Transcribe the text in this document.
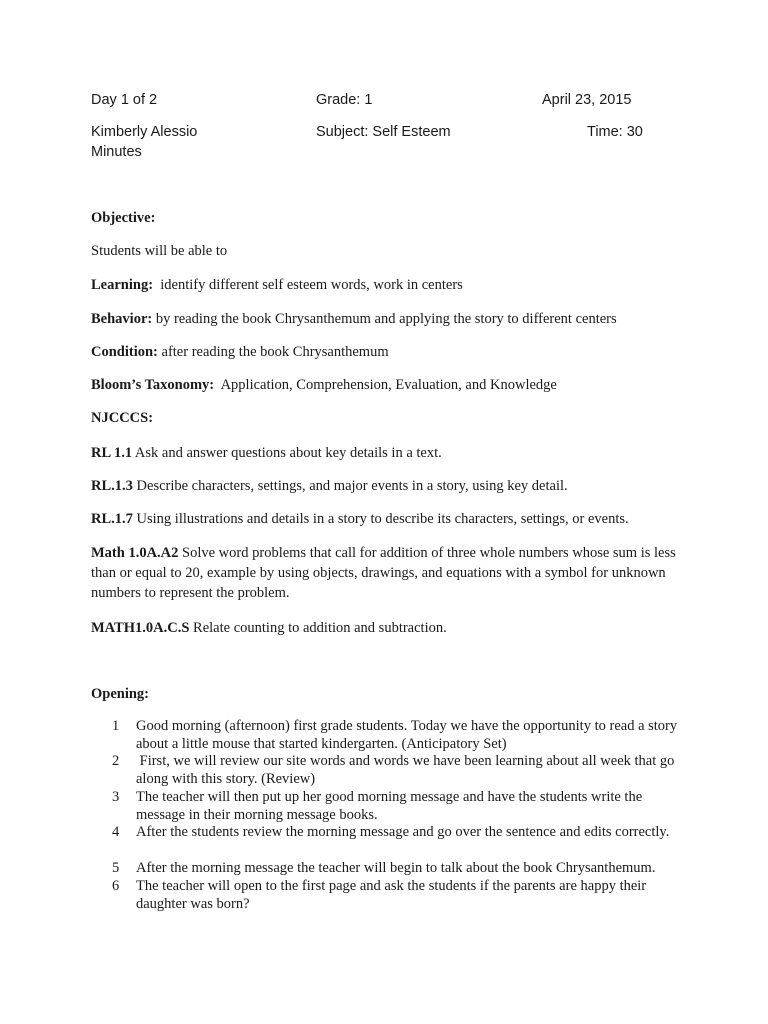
Day 1 of 2	Grade: 1	April 23, 2015
Kimberly Alessio	Subject: Self Esteem	Time: 30
Minutes
Objective:
Students will be able to
Learning:  identify different self esteem words, work in centers
Behavior: by reading the book Chrysanthemum and applying the story to different centers
Condition: after reading the book Chrysanthemum
Bloom’s Taxonomy:  Application, Comprehension, Evaluation, and Knowledge
NJCCCS:
RL 1.1 Ask and answer questions about key details in a text.
RL.1.3 Describe characters, settings, and major events in a story, using key detail.
RL.1.7 Using illustrations and details in a story to describe its characters, settings, or events.
Math 1.0A.A2 Solve word problems that call for addition of three whole numbers whose sum is less than or equal to 20, example by using objects, drawings, and equations with a symbol for unknown numbers to represent the problem.
MATH1.0A.C.S Relate counting to addition and subtraction.
Opening:
1	Good morning (afternoon) first grade students. Today we have the opportunity to read a story about a little mouse that started kindergarten. (Anticipatory Set)
2	First, we will review our site words and words we have been learning about all week that go along with this story. (Review)
3	The teacher will then put up her good morning message and have the students write the message in their morning message books.
4	After the students review the morning message and go over the sentence and edits correctly.
5	After the morning message the teacher will begin to talk about the book Chrysanthemum.
6	The teacher will open to the first page and ask the students if the parents are happy their daughter was born?
